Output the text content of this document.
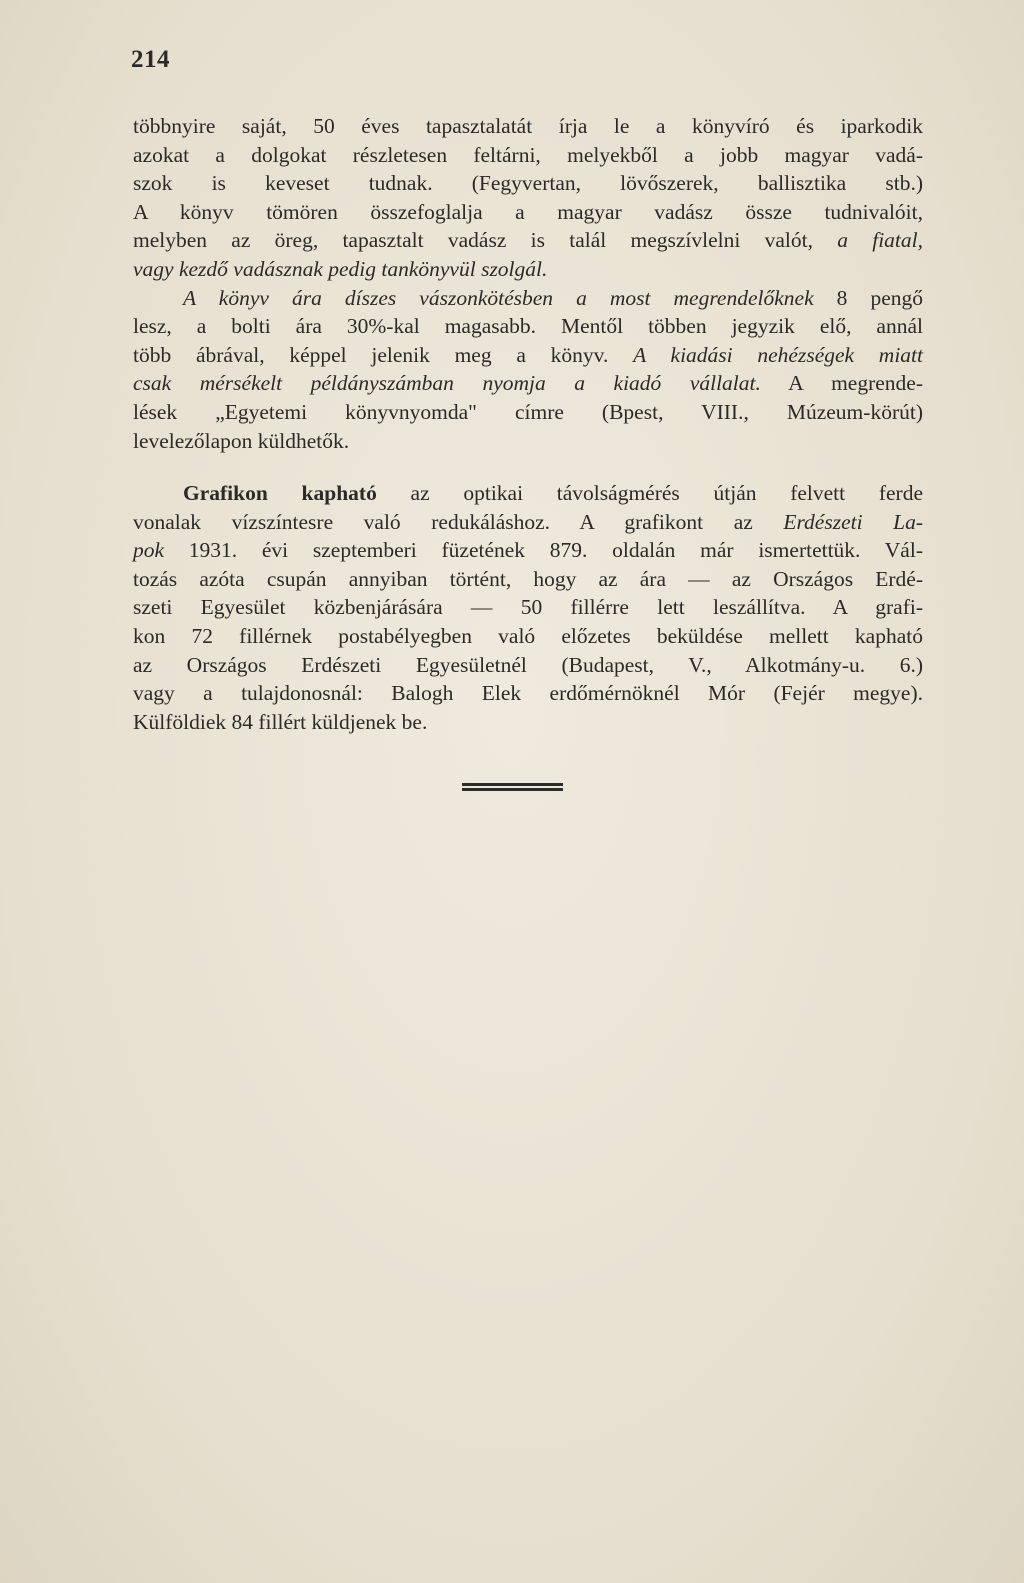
214
többnyire saját, 50 éves tapasztalatát írja le a könyvíró és iparkodik
azokat a dolgokat részletesen feltárni, melyekből a jobb magyar vadá-
szok is keveset tudnak. (Fegyvertan, lövőszerek, ballisztika stb.)
A könyv tömören összefoglalja a magyar vadász össze tudnivalóit,
melyben az öreg, tapasztalt vadász is talál megszívlelni valót, a fiatal,
vagy kezdő vadásznak pedig tankönyvül szolgál.
A könyv ára díszes vászonkötésben a most megrendelőknek 8 pengő
lesz, a bolti ára 30%-kal magasabb. Mentől többen jegyzik elő, annál
több ábrával, képpel jelenik meg a könyv. A kiadási nehézségek miatt
csak mérsékelt példányszámban nyomja a kiadó vállalat. A megrende-
lések „Egyetemi könyvnyomda" címre (Bpest, VIII., Múzeum-körút)
levelezőlapon küldhetők.
Grafikon kapható az optikai távolságmérés útján felvett ferde
vonalak vízszíntesre való redukáláshoz. A grafikont az Erdészeti La-
pok 1931. évi szeptemberi füzetének 879. oldalán már ismertettük. Vál-
tozás azóta csupán annyiban történt, hogy az ára — az Országos Erdé-
szeti Egyesület közbenjárására — 50 fillérre lett leszállítva. A grafi-
kon 72 fillérnek postabélyegben való előzetes beküldése mellett kapható
az Országos Erdészeti Egyesületnél (Budapest, V., Alkotmány-u. 6.)
vagy a tulajdonosnál: Balogh Elek erdőmérnöknél Mór (Fejér megye).
Külföldiek 84 fillért küldjenek be.
